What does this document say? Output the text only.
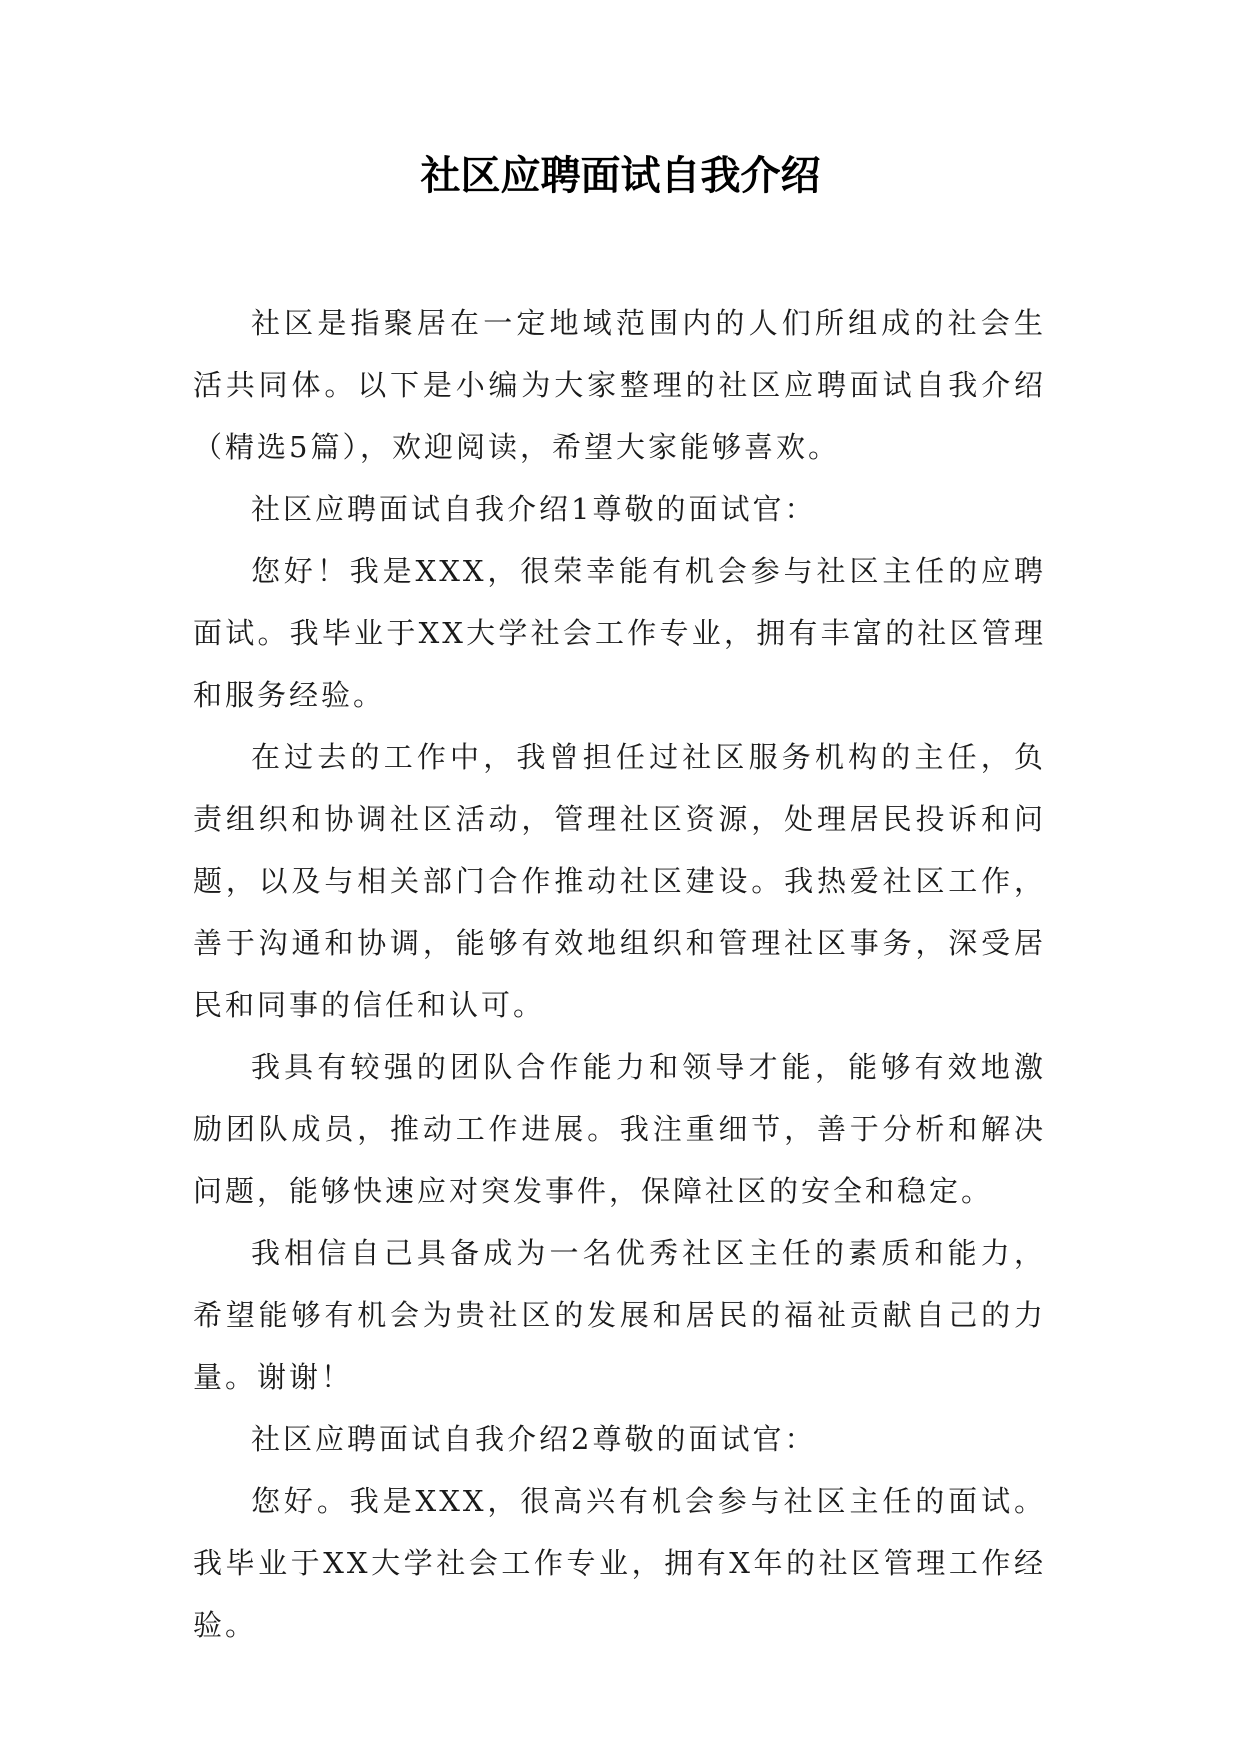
社区应聘面试自我介绍

社区是指聚居在一定地域范围内的人们所组成的社会生活共同体。以下是小编为大家整理的社区应聘面试自我介绍（精选5篇），欢迎阅读，希望大家能够喜欢。

社区应聘面试自我介绍1尊敬的面试官：

您好！我是XXX，很荣幸能有机会参与社区主任的应聘面试。我毕业于XX大学社会工作专业，拥有丰富的社区管理和服务经验。

在过去的工作中，我曾担任过社区服务机构的主任，负责组织和协调社区活动，管理社区资源，处理居民投诉和问题，以及与相关部门合作推动社区建设。我热爱社区工作，善于沟通和协调，能够有效地组织和管理社区事务，深受居民和同事的信任和认可。

我具有较强的团队合作能力和领导才能，能够有效地激励团队成员，推动工作进展。我注重细节，善于分析和解决问题，能够快速应对突发事件，保障社区的安全和稳定。

我相信自己具备成为一名优秀社区主任的素质和能力，希望能够有机会为贵社区的发展和居民的福祉贡献自己的力量。谢谢！

社区应聘面试自我介绍2尊敬的面试官：

您好。我是XXX，很高兴有机会参与社区主任的面试。我毕业于XX大学社会工作专业，拥有X年的社区管理工作经验。
